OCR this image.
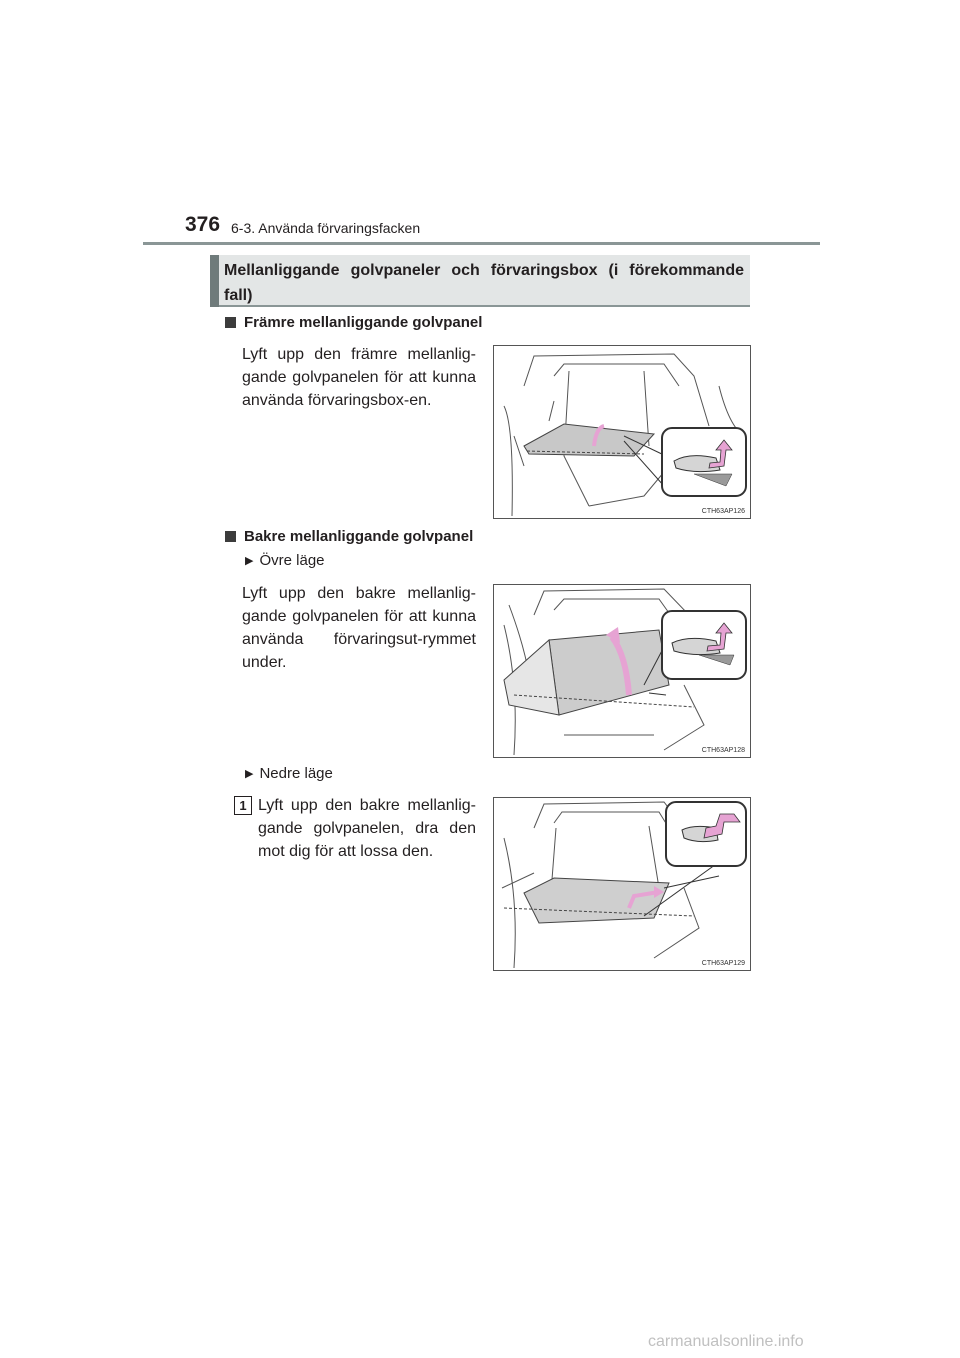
376 6-3. Använda förvaringsfacken
Mellanliggande golvpaneler och förvaringsbox (i förekommande fall)
Främre mellanliggande golvpanel
Lyft upp den främre mellanlig-gande golvpanelen för att kunna använda förvaringsbox-en.
CTH63AP126
Bakre mellanliggande golvpanel
▶ Övre läge
Lyft upp den bakre mellanlig-gande golvpanelen för att kunna använda förvaringsut-rymmet under.
CTH63AP128
▶ Nedre läge
1 Lyft upp den bakre mellanlig-gande golvpanelen, dra den mot dig för att lossa den.
CTH63AP129
carmanualsonline.info
